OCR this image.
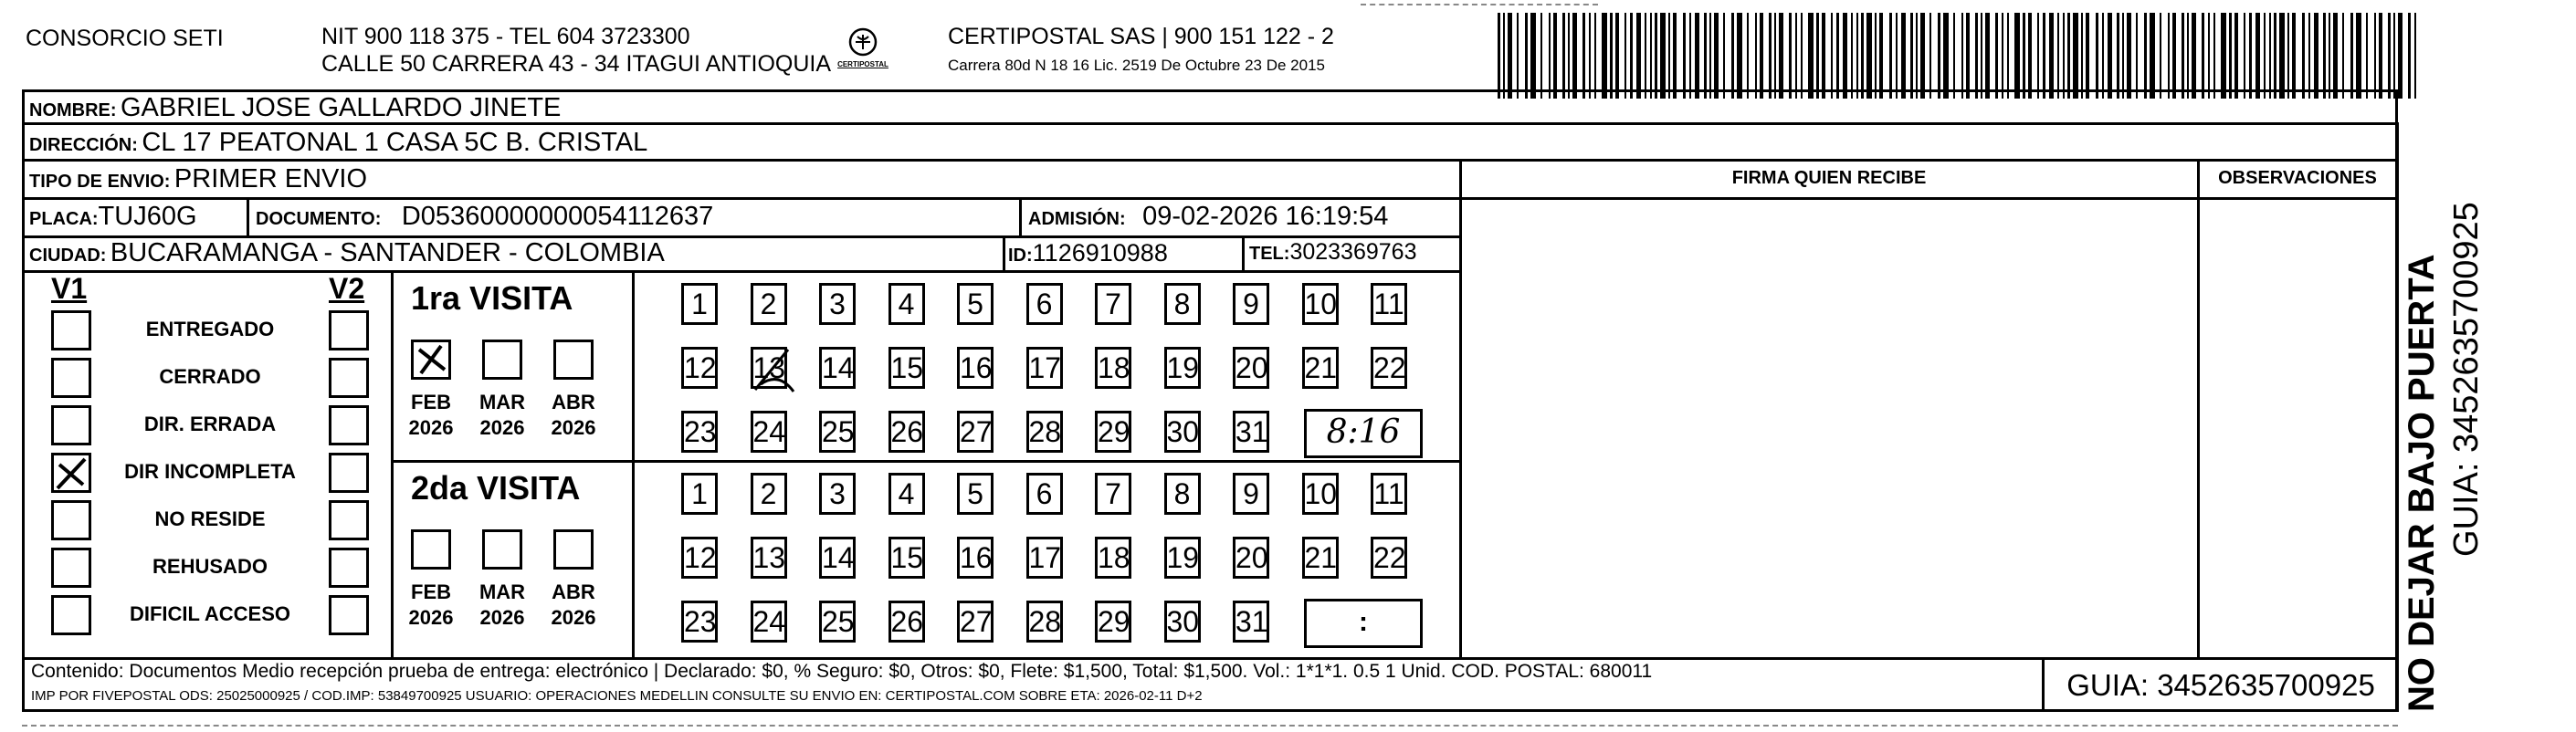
CONSORCIO SETI	NIT 900 118 375 - TEL 604 3723300
CALLE 50 CARRERA 43 - 34 ITAGUI ANTIOQUIA CERTIPOSTAL
CERTIPOSTAL SAS | 900 151 122 - 2
Carrera 80d N 18 16 Lic. 2519 De Octubre 23 De 2015
NOMBRE: GABRIEL JOSE GALLARDO JINETE
DIRECCIÓN: CL 17 PEATONAL 1 CASA 5C B. CRISTAL
TIPO DE ENVIO: PRIMER ENVIO
PLACA:TUJ60G	DOCUMENTO: D05360000000054112637	ADMISIÓN: 09-02-2026 16:19:54
CIUDAD: BUCARAMANGA - SANTANDER - COLOMBIA	ID:1126910988	TEL:3023369763
FIRMA QUIEN RECIBE	OBSERVACIONES
V1	V2
ENTREGADO
CERRADO
DIR. ERRADA
DIR INCOMPLETA
NO RESIDE
REHUSADO
DIFICIL ACCESO
1ra VISITA
2da VISITA
FEB
2026
MAR
2026
ABR
2026
FEB
2026
MAR
2026
ABR
2026
1	2	3	4	5	6	7	8	9	10 11
12 13 14 15 16 17 18 19 20 21 22
23 24 25 26 27 28 29 30 31
1	2	3	4	5	6	7	8	9	10 11
12 13 14 15 16 17 18 19 20 21 22
23 24 25 26 27 28 29 30 31
8:16
:	NO DEJAR BAJO PUERTA GUIA: 3452635700925
Contenido: Documentos Medio recepción prueba de entrega: electrónico | Declarado: $0, % Seguro: $0, Otros: $0, Flete: $1,500, Total: $1,500. Vol.: 1*1*1. 0.5 1 Unid. COD. POSTAL: 680011
IMP POR FIVEPOSTAL ODS: 25025000925 / COD.IMP: 53849700925 USUARIO: OPERACIONES MEDELLIN CONSULTE SU ENVIO EN: CERTIPOSTAL.COM SOBRE ETA: 2026-02-11 D+2	GUIA: 3452635700925
